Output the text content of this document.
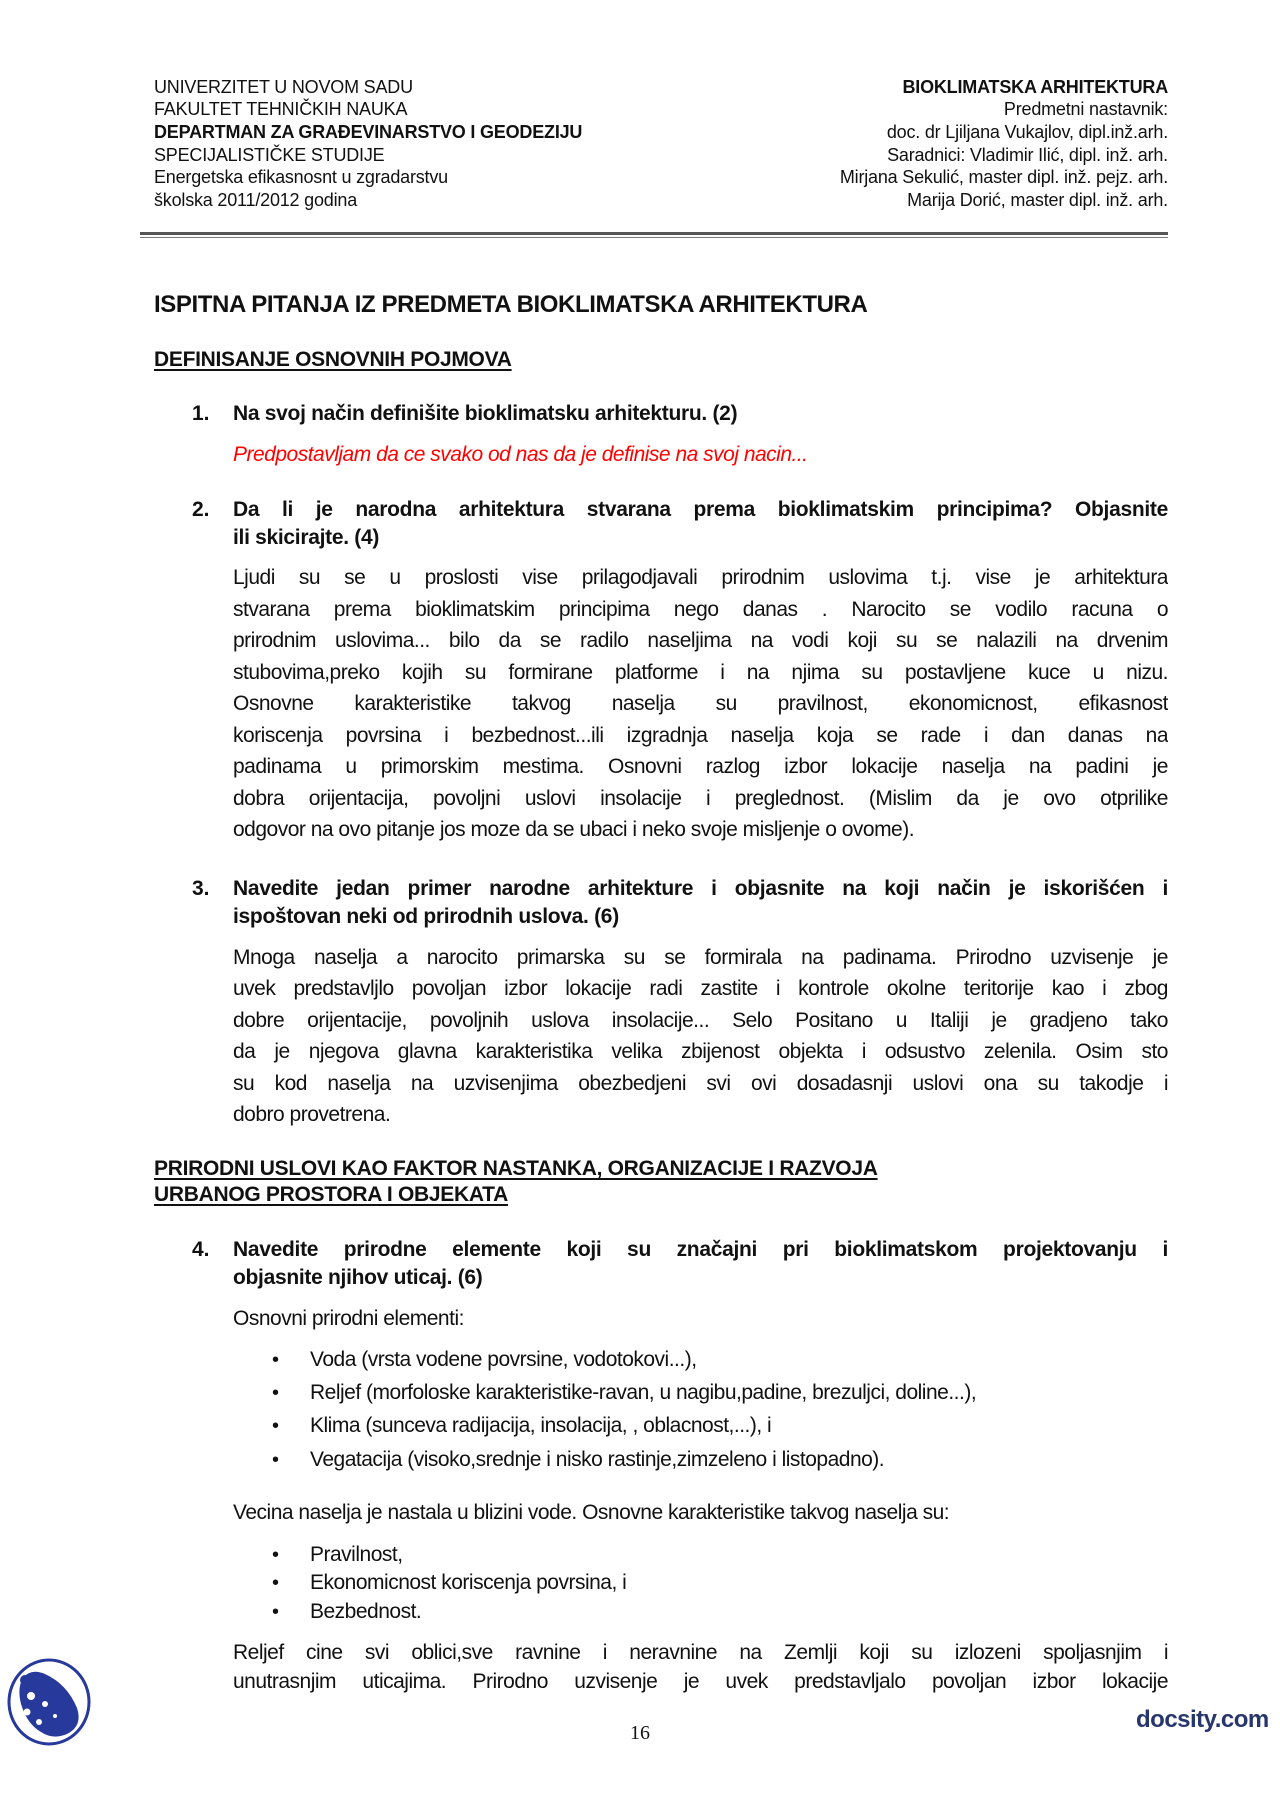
UNIVERZITET U NOVOM SADU
FAKULTET TEHNIČKIH NAUKA
DEPARTMAN ZA GRAĐEVINARSTVO I GEODEZIJU
SPECIJALISTIČKE STUDIJE
Energetska efikasnosnt u zgradarstvu
školska 2011/2012 godina
BIOKLIMATSKA ARHITEKTURA
Predmetni nastavnik:
doc. dr Ljiljana Vukajlov, dipl.inž.arh.
Saradnici: Vladimir Ilić, dipl. inž. arh.
Mirjana Sekulić, master dipl. inž. pejz. arh.
Marija Dorić, master dipl. inž. arh.
ISPITNA PITANJA IZ PREDMETA BIOKLIMATSKA ARHITEKTURA
DEFINISANJE OSNOVNIH POJMOVA
1. Na svoj način definišite bioklimatsku arhitekturu. (2)
Predpostavljam da ce svako od nas da je definise na svoj nacin...
2. Da li je narodna arhitektura stvarana prema bioklimatskim principima? Objasnite
ili skicirajte. (4)
Ljudi su se u proslosti vise prilagodjavali prirodnim uslovima t.j. vise je arhitektura
stvarana prema bioklimatskim principima nego danas . Narocito se vodilo racuna o
prirodnim uslovima... bilo da se radilo naseljima na vodi koji su se nalazili na drvenim
stubovima,preko kojih su formirane platforme i na njima su postavljene kuce u nizu.
Osnovne karakteristike takvog naselja su pravilnost, ekonomicnost, efikasnost
koriscenja povrsina i bezbednost...ili izgradnja naselja koja se rade i dan danas na
padinama u primorskim mestima. Osnovni razlog izbor lokacije naselja na padini je
dobra orijentacija, povoljni uslovi insolacije i preglednost. (Mislim da je ovo otprilike
odgovor na ovo pitanje jos moze da se ubaci i neko svoje misljenje o ovome).
3. Navedite jedan primer narodne arhitekture i objasnite na koji način je iskorišćen i
ispoštovan neki od prirodnih uslova. (6)
Mnoga naselja a narocito primarska su se formirala na padinama. Prirodno uzvisenje je
uvek predstavljlo povoljan izbor lokacije radi zastite i kontrole okolne teritorije kao i zbog
dobre orijentacije, povoljnih uslova insolacije... Selo Positano u Italiji je gradjeno tako
da je njegova glavna karakteristika velika zbijenost objekta i odsustvo zelenila. Osim sto
su kod naselja na uzvisenjima obezbedjeni svi ovi dosadasnji uslovi ona su takodje i
dobro provetrena.
PRIRODNI USLOVI KAO FAKTOR NASTANKA, ORGANIZACIJE I RAZVOJA
URBANOG PROSTORA I OBJEKATA
4. Navedite prirodne elemente koji su značajni pri bioklimatskom projektovanju i
objasnite njihov uticaj. (6)
Osnovni prirodni elementi:
• Voda (vrsta vodene povrsine, vodotokovi...),
• Reljef (morfoloske karakteristike-ravan, u nagibu,padine, brezuljci, doline...),
• Klima (sunceva radijacija, insolacija, , oblacnost,...), i
• Vegatacija (visoko,srednje i nisko rastinje,zimzeleno i listopadno).
Vecina naselja je nastala u blizini vode. Osnovne karakteristike takvog naselja su:
• Pravilnost,
• Ekonomicnost koriscenja povrsina, i
• Bezbednost.
Reljef cine svi oblici,sve ravnine i neravnine na Zemlji koji su izlozeni spoljasnjim i
unutrasnjim uticajima. Prirodno uzvisenje je uvek predstavljalo povoljan izbor lokacije
docsity.com
16
